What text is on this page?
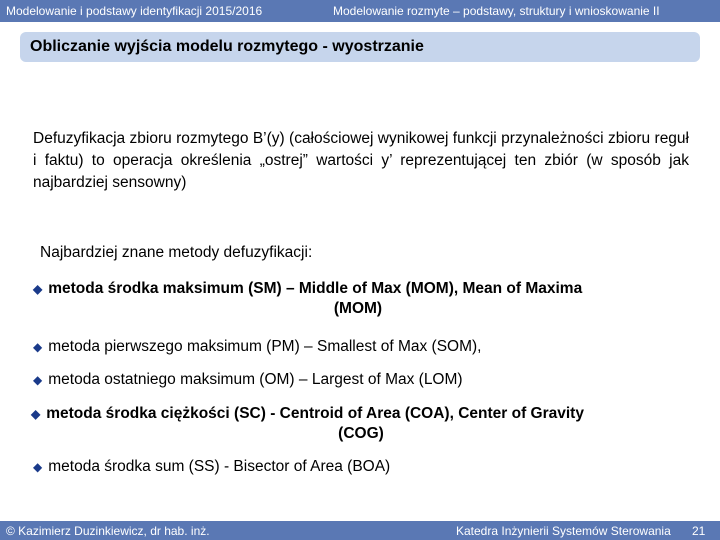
Modelowanie i podstawy identyfikacji 2015/2016	Modelowanie rozmyte – podstawy, struktury i wnioskowanie II
Obliczanie wyjścia modelu rozmytego - wyostrzanie
Defuzyfikacja zbioru rozmytego B’(y) (całościowej wynikowej funkcji przynależności zbioru reguł i faktu) to operacja określenia „ostrej” wartości y’ reprezentującej ten zbiór (w sposób jak najbardziej sensowny)
Najbardziej znane metody defuzyfikacji:
◆ metoda środka maksimum (SM) – Middle of Max (MOM), Mean of Maxima
(MOM)
◆ metoda pierwszego maksimum (PM) – Smallest of Max (SOM),
◆ metoda ostatniego maksimum (OM) – Largest of Max (LOM)
◆ metoda środka ciężkości (SC) - Centroid of Area (COA), Center of Gravity
(COG)
◆ metoda środka sum (SS) - Bisector of Area (BOA)
© Kazimierz Duzinkiewicz, dr hab. inż.	Katedra Inżynierii Systemów Sterowania 21
